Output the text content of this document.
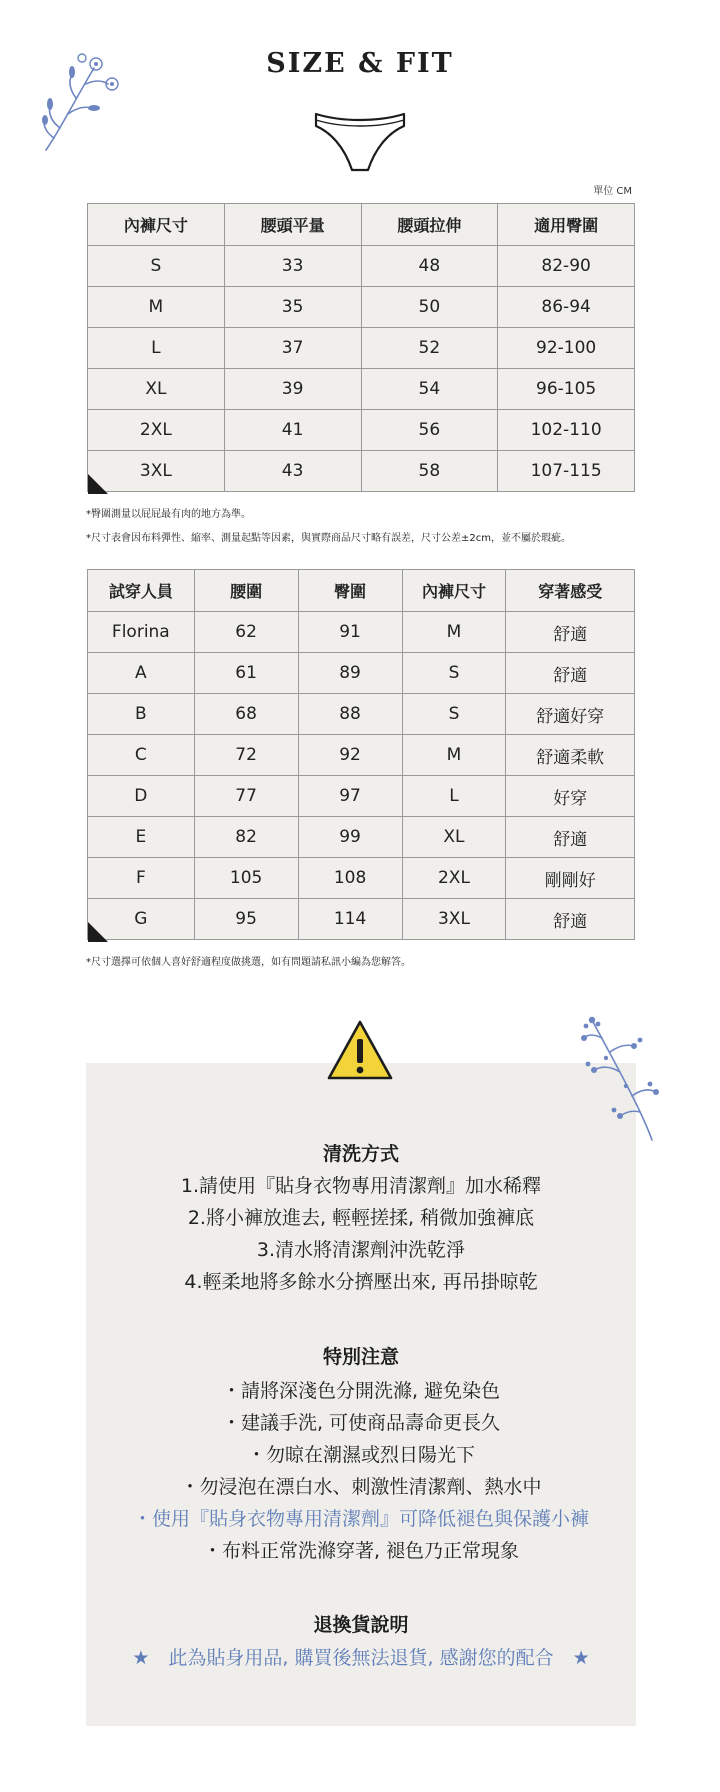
SIZE & FIT
單位 CM
內褲尺寸	腰頭平量	腰頭拉伸	適用臀圍
S	33	48	82-90
M	35	50	86-94
L	37	52	92-100
XL	39	54	96-105
2XL	41	56	102-110
3XL	43	58	107-115
*臀圍測量以屁屁最有肉的地方為準。
*尺寸表會因布料彈性、縮率、測量起點等因素，與實際商品尺寸略有誤差，尺寸公差±2cm，並不屬於瑕疵。
試穿人員	腰圍	臀圍	內褲尺寸	穿著感受
Florina	62	91	M	舒適
A	61	89	S	舒適
B	68	88	S	舒適好穿
C	72	92	M	舒適柔軟
D	77	97	L	好穿
E	82	99	XL	舒適
F	105	108	2XL	剛剛好
G	95	114	3XL	舒適
*尺寸選擇可依個人喜好舒適程度做挑選，如有問題請私訊小編為您解答。
清洗方式
1.請使用『貼身衣物專用清潔劑』加水稀釋
2.將小褲放進去, 輕輕搓揉, 稍微加強褲底
3.清水將清潔劑沖洗乾淨
4.輕柔地將多餘水分擠壓出來, 再吊掛晾乾
特別注意
・請將深淺色分開洗滌, 避免染色
・建議手洗, 可使商品壽命更長久
・勿晾在潮濕或烈日陽光下
・勿浸泡在漂白水、刺激性清潔劑、熱水中
・使用『貼身衣物專用清潔劑』可降低褪色與保護小褲
・布料正常洗滌穿著, 褪色乃正常現象
退換貨說明
★　此為貼身用品, 購買後無法退貨, 感謝您的配合　★
